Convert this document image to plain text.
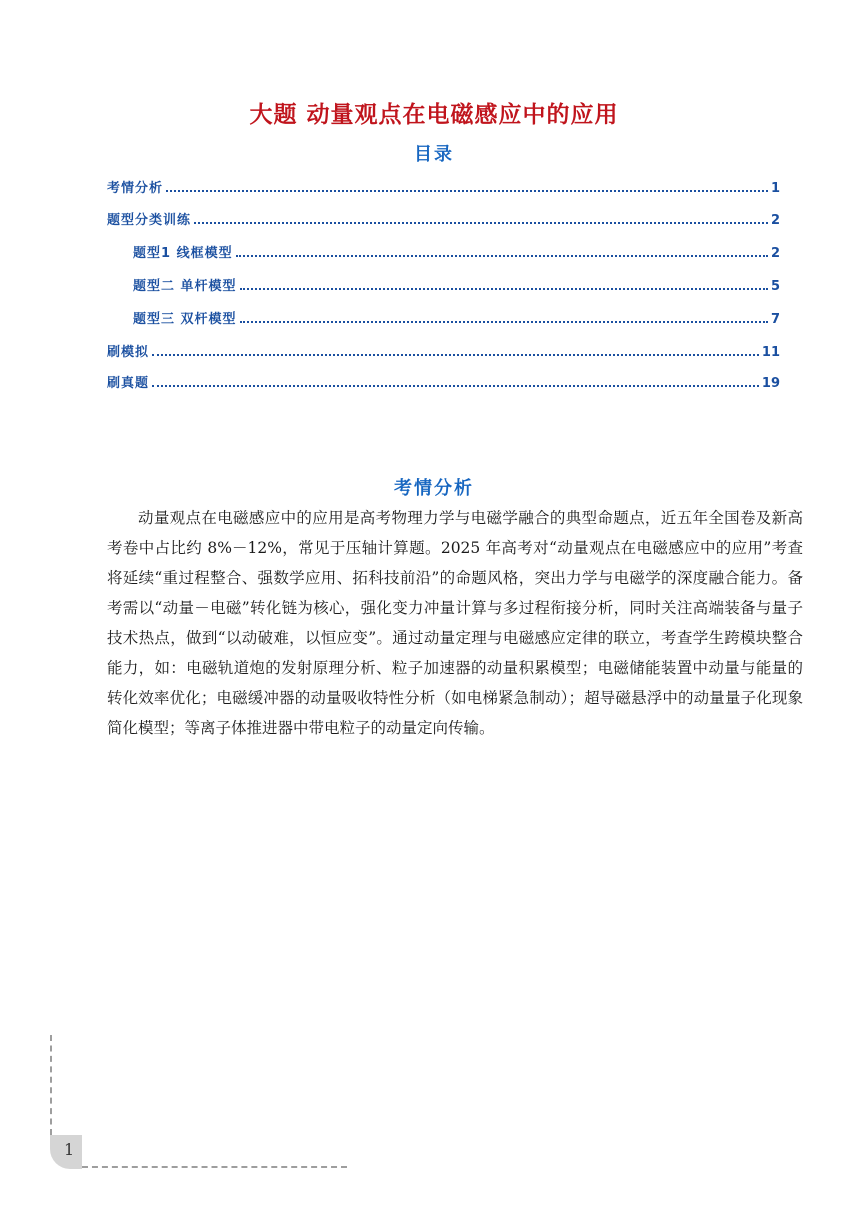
大题 动量观点在电磁感应中的应用
目录
考情分析	1
题型分类训练	2
题型1 线框模型	2
题型二 单杆模型	5
题型三 双杆模型	7
刷模拟	11
刷真题	19
考情分析
动量观点在电磁感应中的应用是高考物理力学与电磁学融合的典型命题点，近五年全国卷及新高考卷中占比约 8%－12%，常见于压轴计算题。2025 年高考对“动量观点在电磁感应中的应用”考查将延续“重过程整合、强数学应用、拓科技前沿”的命题风格，突出力学与电磁学的深度融合能力。备考需以“动量－电磁”转化链为核心，强化变力冲量计算与多过程衔接分析，同时关注高端装备与量子技术热点，做到“以动破难，以恒应变”。通过动量定理与电磁感应定律的联立，考查学生跨模块整合能力，如：电磁轨道炮的发射原理分析、粒子加速器的动量积累模型；电磁储能装置中动量与能量的转化效率优化；电磁缓冲器的动量吸收特性分析（如电梯紧急制动）；超导磁悬浮中的动量量子化现象简化模型；等离子体推进器中带电粒子的动量定向传输。
1
